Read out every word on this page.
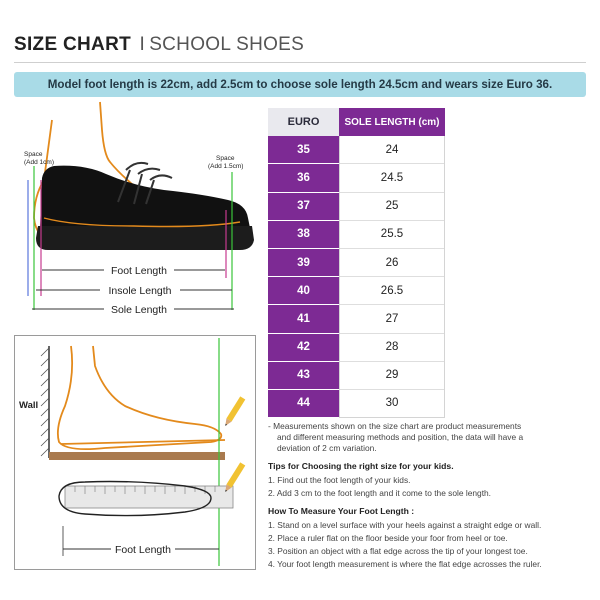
SIZE CHART I SCHOOL SHOES
Model foot length is 22cm, add 2.5cm to choose sole length 24.5cm and wears size Euro 36.
Space
(Add 1cm)
Space
(Add 1.5cm)
Foot Length
Insole Length
Sole Length
Wall
Foot Length
EURO	SOLE LENGTH (cm)
35	24
36	24.5
37	25
38	25.5
39	26
40	26.5
41	27
42	28
43	29
44	30

- Measurements shown on the size chart are product measurements

and different measuring methods and position, the data will have a

deviation of 2 cm variation.

Tips for Choosing the right size for your kids.

1. Find out the foot length of your kids.

2. Add 3 cm to the foot length and it come to the sole length.

How To Measure Your Foot Length :

1. Stand on a level surface with your heels against a straight edge or wall.

2. Place a ruler flat on the floor beside your foor from heel or toe.

3. Position an object with a flat edge across the tip of your longest toe.

4. Your foot length measurement is where the flat edge acrosses the ruler.
